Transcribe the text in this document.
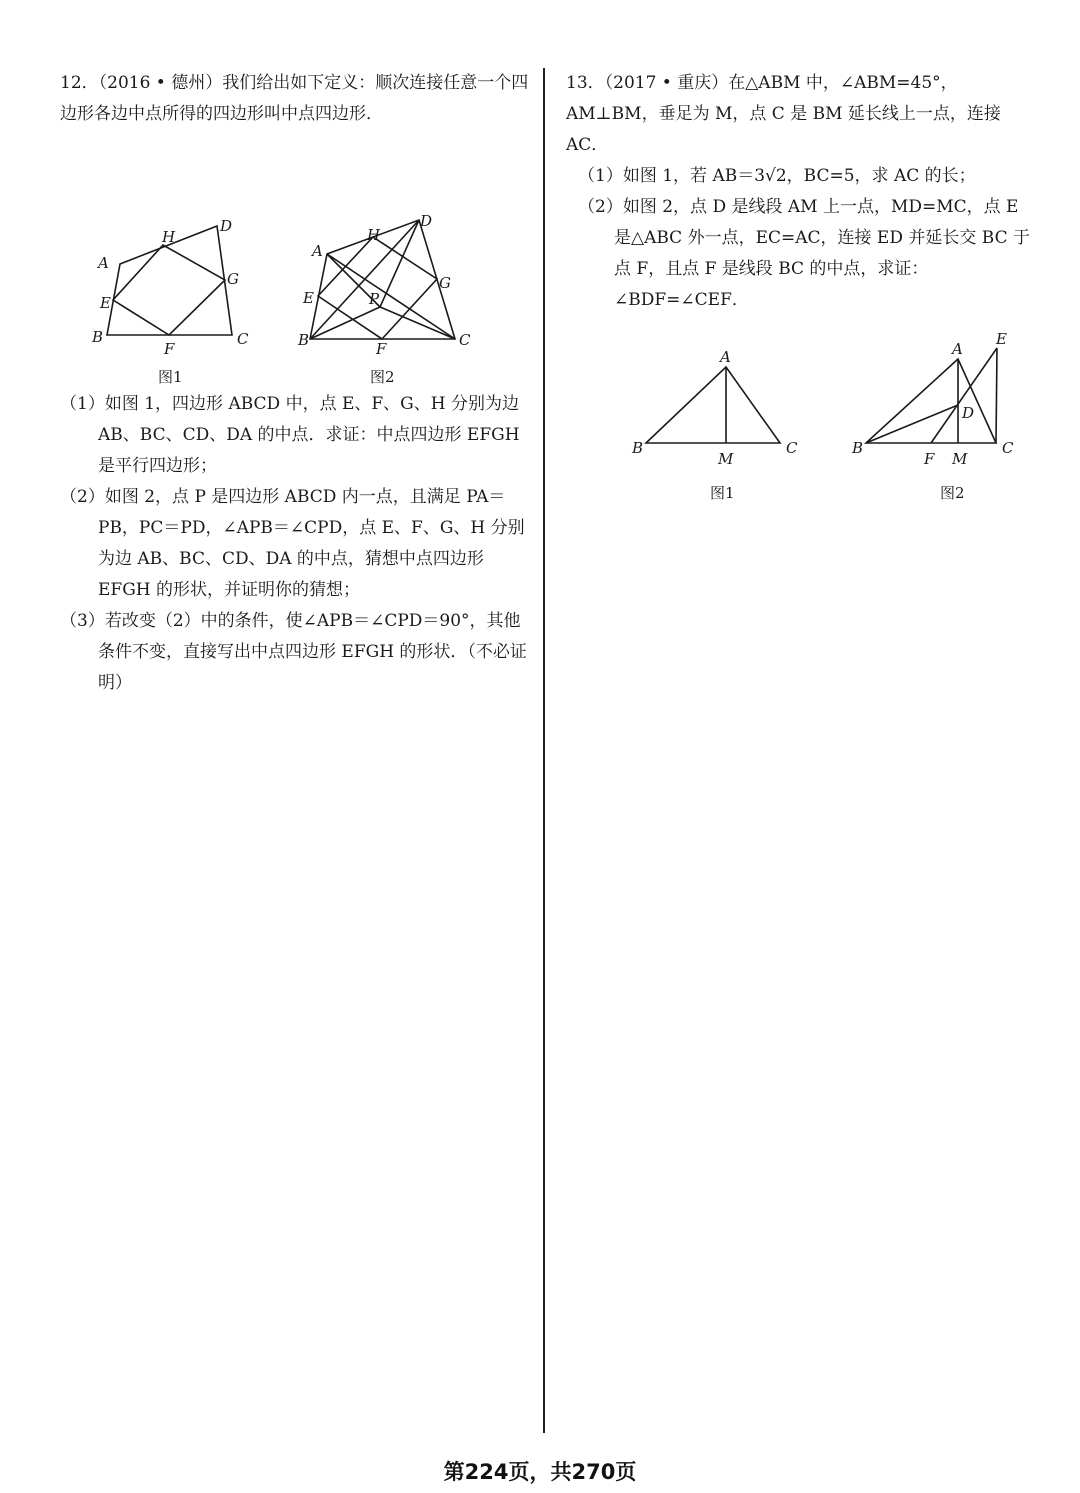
12．（2016 • 德州）我们给出如下定义：顺次连接任意一个四边形各边中点所得的四边形叫中点四边形．

B
A
E
H
D
G
C
F
图1
B
A
E
H
D
G
C
P
F
图2

（1）如图 1，四边形 ABCD 中，点 E、F、G、H 分别为边 AB、BC、CD、DA 的中点．求证：中点四边形 EFGH 是平行四边形；

（2）如图 2，点 P 是四边形 ABCD 内一点，且满足 PA＝PB，PC＝PD，∠APB＝∠CPD，点 E、F、G、H 分别为边 AB、BC、CD、DA 的中点，猜想中点四边形 EFGH 的形状，并证明你的猜想；

（3）若改变（2）中的条件，使∠APB＝∠CPD＝90°，其他条件不变，直接写出中点四边形 EFGH 的形状．（不必证明）

13．（2017 • 重庆）在△ABM 中，∠ABM=45°，AM⊥BM，垂足为 M，点 C 是 BM 延长线上一点，连接 AC．

（1）如图 1，若 AB＝3√2，BC=5，求 AC 的长；

（2）如图 2，点 D 是线段 AM 上一点，MD=MC，点 E 是△ABC 外一点，EC=AC，连接 ED 并延长交 BC 于点 F，且点 F 是线段 BC 的中点，求证：∠BDF=∠CEF．

A
B	C
M
图1
A
E
D
B	C
F M
图2
第224页，共270页
